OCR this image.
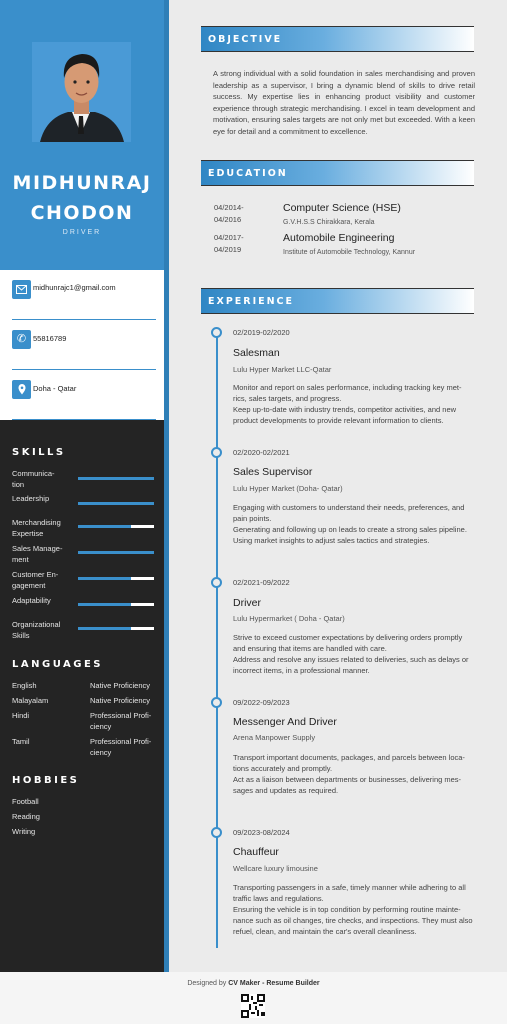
MIDHUNRAJ
CHODON
DRIVER
midhunrajc1@gmail.com
✆ 55816789
Doha - Qatar
SKILLS
Communica-
tion
Leadership
Merchandising Expertise
Sales Manage-
ment
Customer En-
gagement
Adaptability
Organizational Skills
LANGUAGES
English	Native Proficiency
Malayalam	Native Proficiency
Hindi	Professional Profi-
ciency
Tamil	Professional Profi-
ciency
HOBBIES
Football
Reading
Writing
OBJECTIVE
A strong individual with a solid foundation in sales merchandising and proven leadership as a supervisor, I bring a dynamic blend of skills to drive retail success. My expertise lies in enhancing product visibility and customer experience through strategic merchandising. I excel in team development and motivation, ensuring sales targets are not only met but exceeded. With a keen eye for detail and a commitment to excellence.
EDUCATION
04/2014-
04/2016
Computer Science (HSE)
G.V.H.S.S Chirakkara, Kerala
04/2017-
04/2019
Automobile Engineering
Institute of Automobile Technology, Kannur
EXPERIENCE
02/2019-02/2020
Salesman
Lulu Hyper Market LLC-Qatar
Monitor and report on sales performance, including tracking key met-
rics, sales targets, and progress.
Keep up-to-date with industry trends, competitor activities, and new product developments to provide relevant information to clients.
02/2020-02/2021
Sales Supervisor
Lulu Hyper Market (Doha- Qatar)
Engaging with customers to understand their needs, preferences, and pain points.
Generating and following up on leads to create a strong sales pipeline.
Using market insights to adjust sales tactics and strategies.
02/2021-09/2022
Driver
Lulu Hypermarket ( Doha - Qatar)
Strive to exceed customer expectations by delivering orders promptly and ensuring that items are handled with care.
Address and resolve any issues related to deliveries, such as delays or incorrect items, in a professional manner.
09/2022-09/2023
Messenger And Driver
Arena Manpower Supply
Transport important documents, packages, and parcels between loca-
tions accurately and promptly.
Act as a liaison between departments or businesses, delivering mes-
sages and updates as required.
09/2023-08/2024
Chauffeur
Wellcare luxury limousine
Transporting passengers in a safe, timely manner while adhering to all traffic laws and regulations.
Ensuring the vehicle is in top condition by performing routine mainte-
nance such as oil changes, tire checks, and inspections. They must also refuel, clean, and maintain the car's overall cleanliness.
Designed by CV Maker - Resume Builder
